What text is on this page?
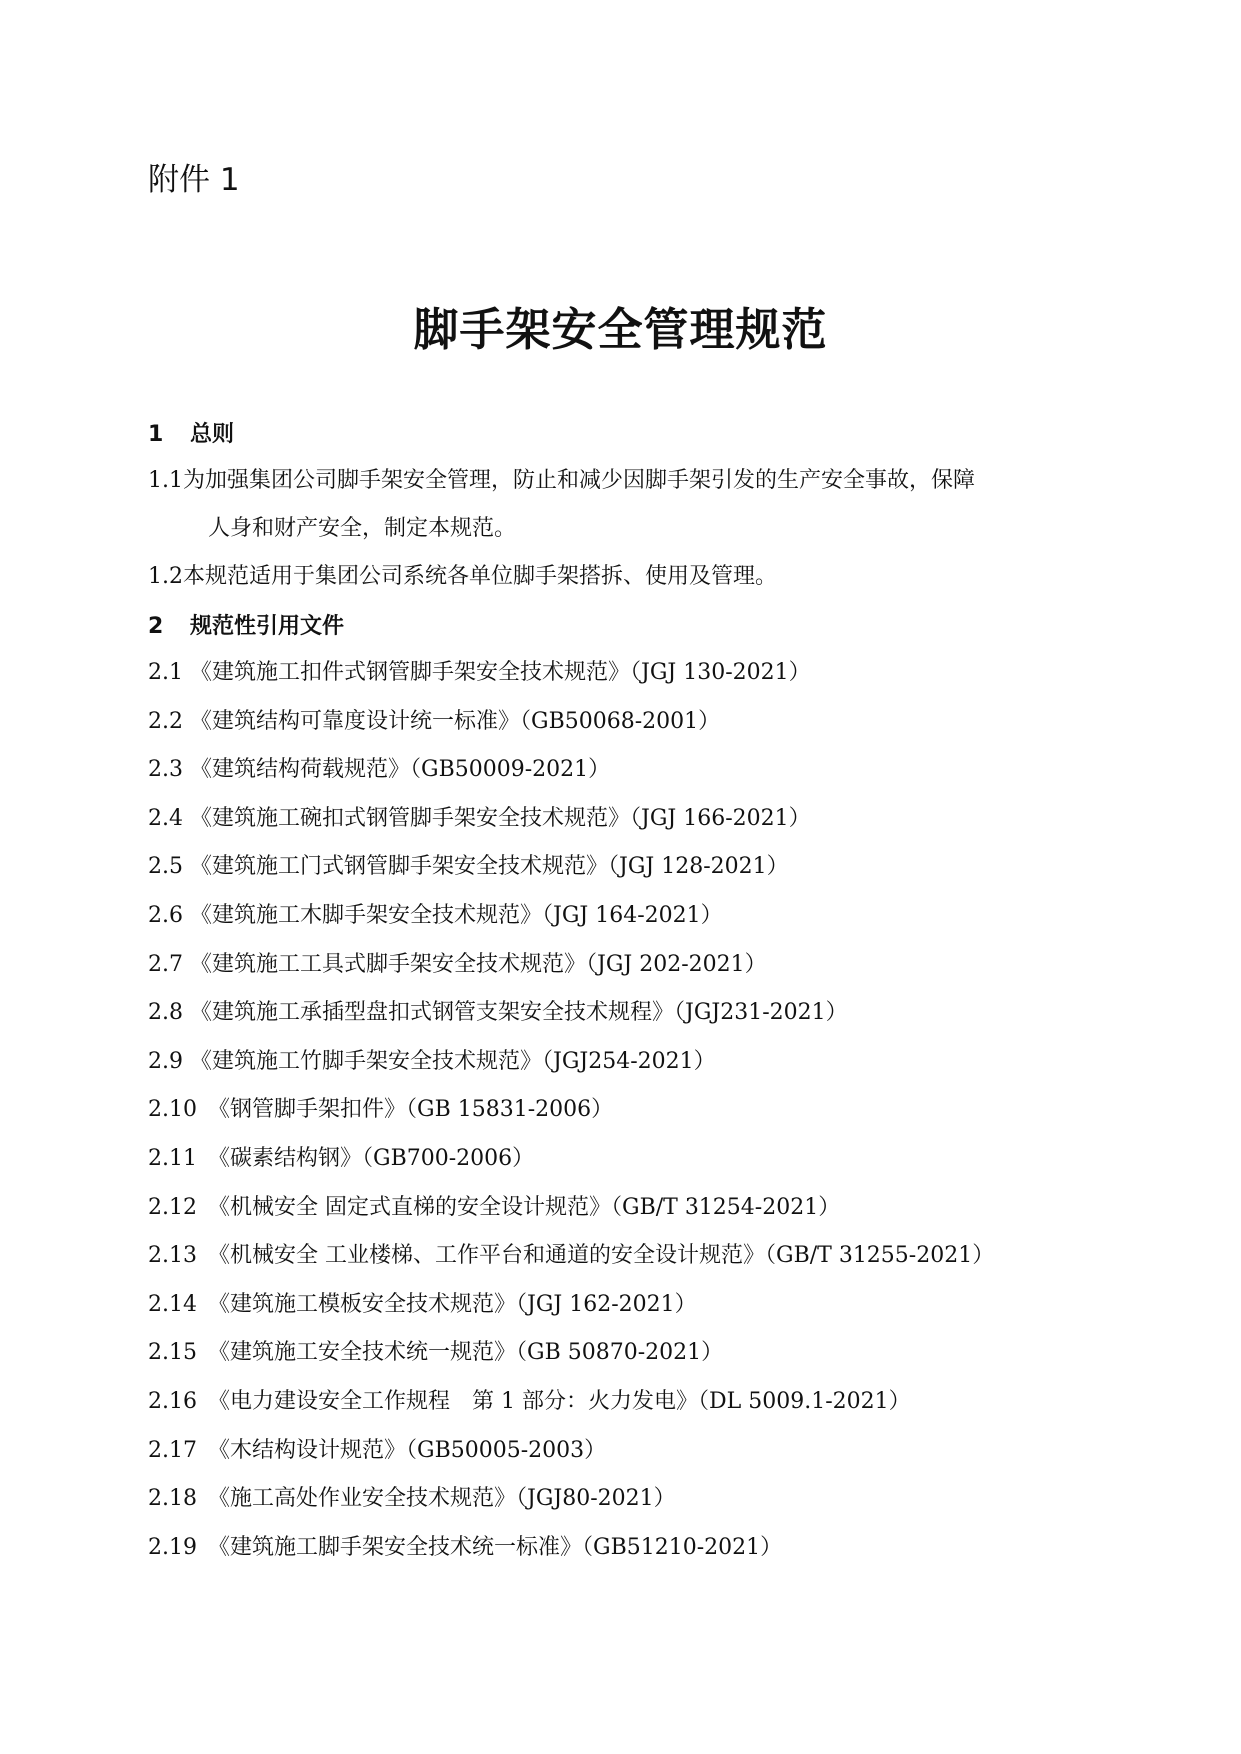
附件 1
脚手架安全管理规范
1 总则
1.1为加强集团公司脚手架安全管理，防止和减少因脚手架引发的生产安全事故，保障
人身和财产安全，制定本规范。
1.2本规范适用于集团公司系统各单位脚手架搭拆、使用及管理。
2 规范性引用文件
2.1 《建筑施工扣件式钢管脚手架安全技术规范》（JGJ 130-2021）
2.2 《建筑结构可靠度设计统一标准》（GB50068-2001）
2.3 《建筑结构荷载规范》（GB50009-2021）
2.4 《建筑施工碗扣式钢管脚手架安全技术规范》（JGJ 166-2021）
2.5 《建筑施工门式钢管脚手架安全技术规范》（JGJ 128-2021）
2.6 《建筑施工木脚手架安全技术规范》（JGJ 164-2021）
2.7 《建筑施工工具式脚手架安全技术规范》（JGJ 202-2021）
2.8 《建筑施工承插型盘扣式钢管支架安全技术规程》（JGJ231-2021）
2.9 《建筑施工竹脚手架安全技术规范》（JGJ254-2021）
2.10 《钢管脚手架扣件》（GB 15831-2006）
2.11 《碳素结构钢》（GB700-2006）
2.12 《机械安全 固定式直梯的安全设计规范》（GB/T 31254-2021）
2.13 《机械安全 工业楼梯、工作平台和通道的安全设计规范》（GB/T 31255-2021）
2.14 《建筑施工模板安全技术规范》（JGJ 162-2021）
2.15 《建筑施工安全技术统一规范》（GB 50870-2021）
2.16 《电力建设安全工作规程　第 1 部分：火力发电》（DL 5009.1-2021）
2.17 《木结构设计规范》（GB50005-2003）
2.18 《施工高处作业安全技术规范》（JGJ80-2021）
2.19 《建筑施工脚手架安全技术统一标准》（GB51210-2021）
